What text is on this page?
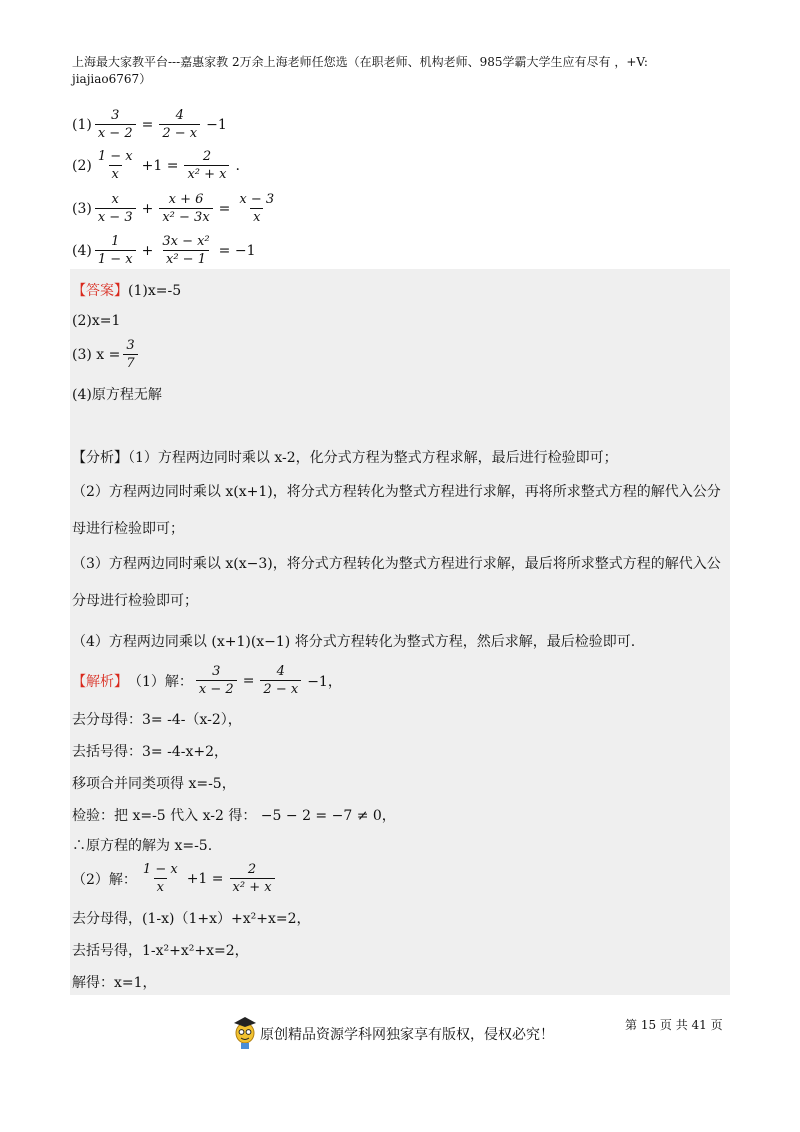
上海最大家教平台---嘉惠家教 2万余上海老师任您选（在职老师、机构老师、985学霸大学生应有尽有 ，+V:
jiajiao6767）
$(1) \frac{3}{x - 2} = \frac{4}{2 - x} -1$
$(2) \frac{1 - x}{x} +1 = \frac{2}{\text{x² + x}}$ .
$(3) \frac{x}{x - 3} + \frac{x + 6}{\text{x² − 3x}} = \frac{x - 3}{x}$
$(4) \frac{1}{1 - x} + \frac{\text{3x − x²}}{\text{x² − 1}} = -1$
【答案】(1)x=-5
(2)x=1
(3) $x = \frac{3}{7}$
(4)原方程无解
【分析】（1）方程两边同时乘以 x-2，化分式方程为整式方程求解，最后进行检验即可；
（2）方程两边同时乘以 x(x+1)，将分式方程转化为整式方程进行求解，再将所求整式方程的解代入公分母进行检验即可；
（3）方程两边同时乘以 x(x−3)，将分式方程转化为整式方程进行求解，最后将所求整式方程的解代入公分母进行检验即可；
（4）方程两边同乘以 (x+1)(x−1) 将分式方程转化为整式方程，然后求解，最后检验即可.
【解析】 （1）解： $\frac{3}{x - 2} = \frac{4}{2 - x} -1$，
去分母得：3= -4-（x-2），
去括号得：3= -4-x+2，
移项合并同类项得 x=-5，
检验：把 x=-5 代入 x-2 得： −5 − 2 = −7 ≠ 0，
∴原方程的解为 x=-5.
（2）解： $\frac{1 - x}{x} +1 = \frac{2}{\text{x² + x}}$
去分母得，(1-x)（1+x）+x²+x=2，
去括号得，1-x²+x²+x=2，
解得：x=1，
原创精品资源学科网独家享有版权，侵权必究！
第 15 页 共 41 页
